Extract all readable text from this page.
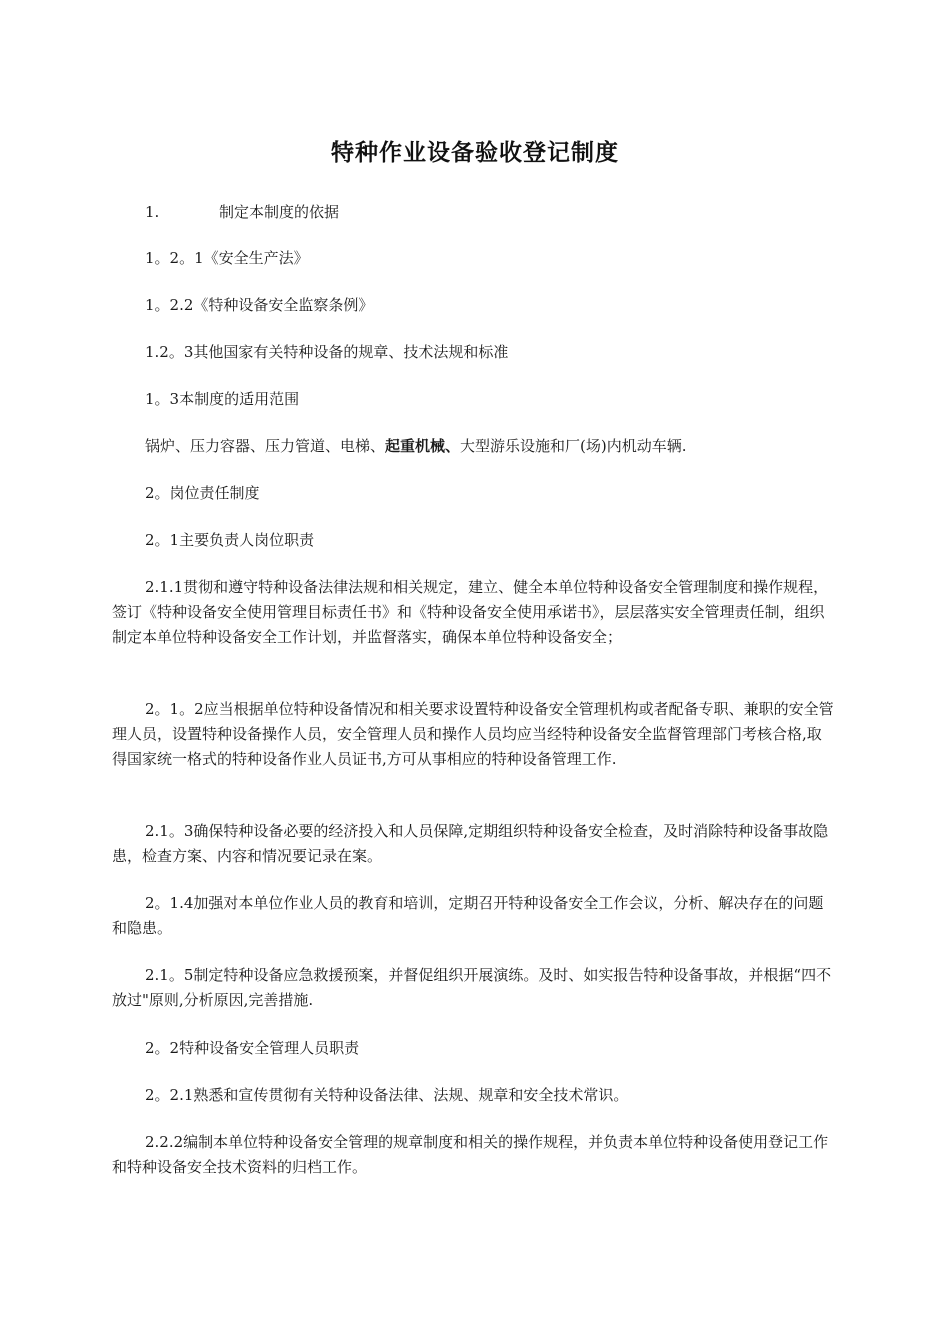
特种作业设备验收登记制度

1.	制定本制度的依据

1。2。1《安全生产法》

1。2.2《特种设备安全监察条例》

1.2。3其他国家有关特种设备的规章、技术法规和标准

1。3本制度的适用范围

锅炉、压力容器、压力管道、电梯、起重机械、大型游乐设施和厂(场)内机动车辆.

2。岗位责任制度

2。1主要负责人岗位职责

2.1.1贯彻和遵守特种设备法律法规和相关规定，建立、健全本单位特种设备安全管理制度和操作规程，签订《特种设备安全使用管理目标责任书》和《特种设备安全使用承诺书》，层层落实安全管理责任制，组织制定本单位特种设备安全工作计划，并监督落实，确保本单位特种设备安全；

2。1。2应当根据单位特种设备情况和相关要求设置特种设备安全管理机构或者配备专职、兼职的安全管理人员，设置特种设备操作人员，安全管理人员和操作人员均应当经特种设备安全监督管理部门考核合格,取得国家统一格式的特种设备作业人员证书,方可从事相应的特种设备管理工作.

2.1。3确保特种设备必要的经济投入和人员保障,定期组织特种设备安全检查，及时消除特种设备事故隐患，检查方案、内容和情况要记录在案。

2。1.4加强对本单位作业人员的教育和培训，定期召开特种设备安全工作会议，分析、解决存在的问题和隐患。

2.1。5制定特种设备应急救援预案，并督促组织开展演练。及时、如实报告特种设备事故，并根据“四不放过"原则,分析原因,完善措施.

2。2特种设备安全管理人员职责

2。2.1熟悉和宣传贯彻有关特种设备法律、法规、规章和安全技术常识。

2.2.2编制本单位特种设备安全管理的规章制度和相关的操作规程，并负责本单位特种设备使用登记工作和特种设备安全技术资料的归档工作。
